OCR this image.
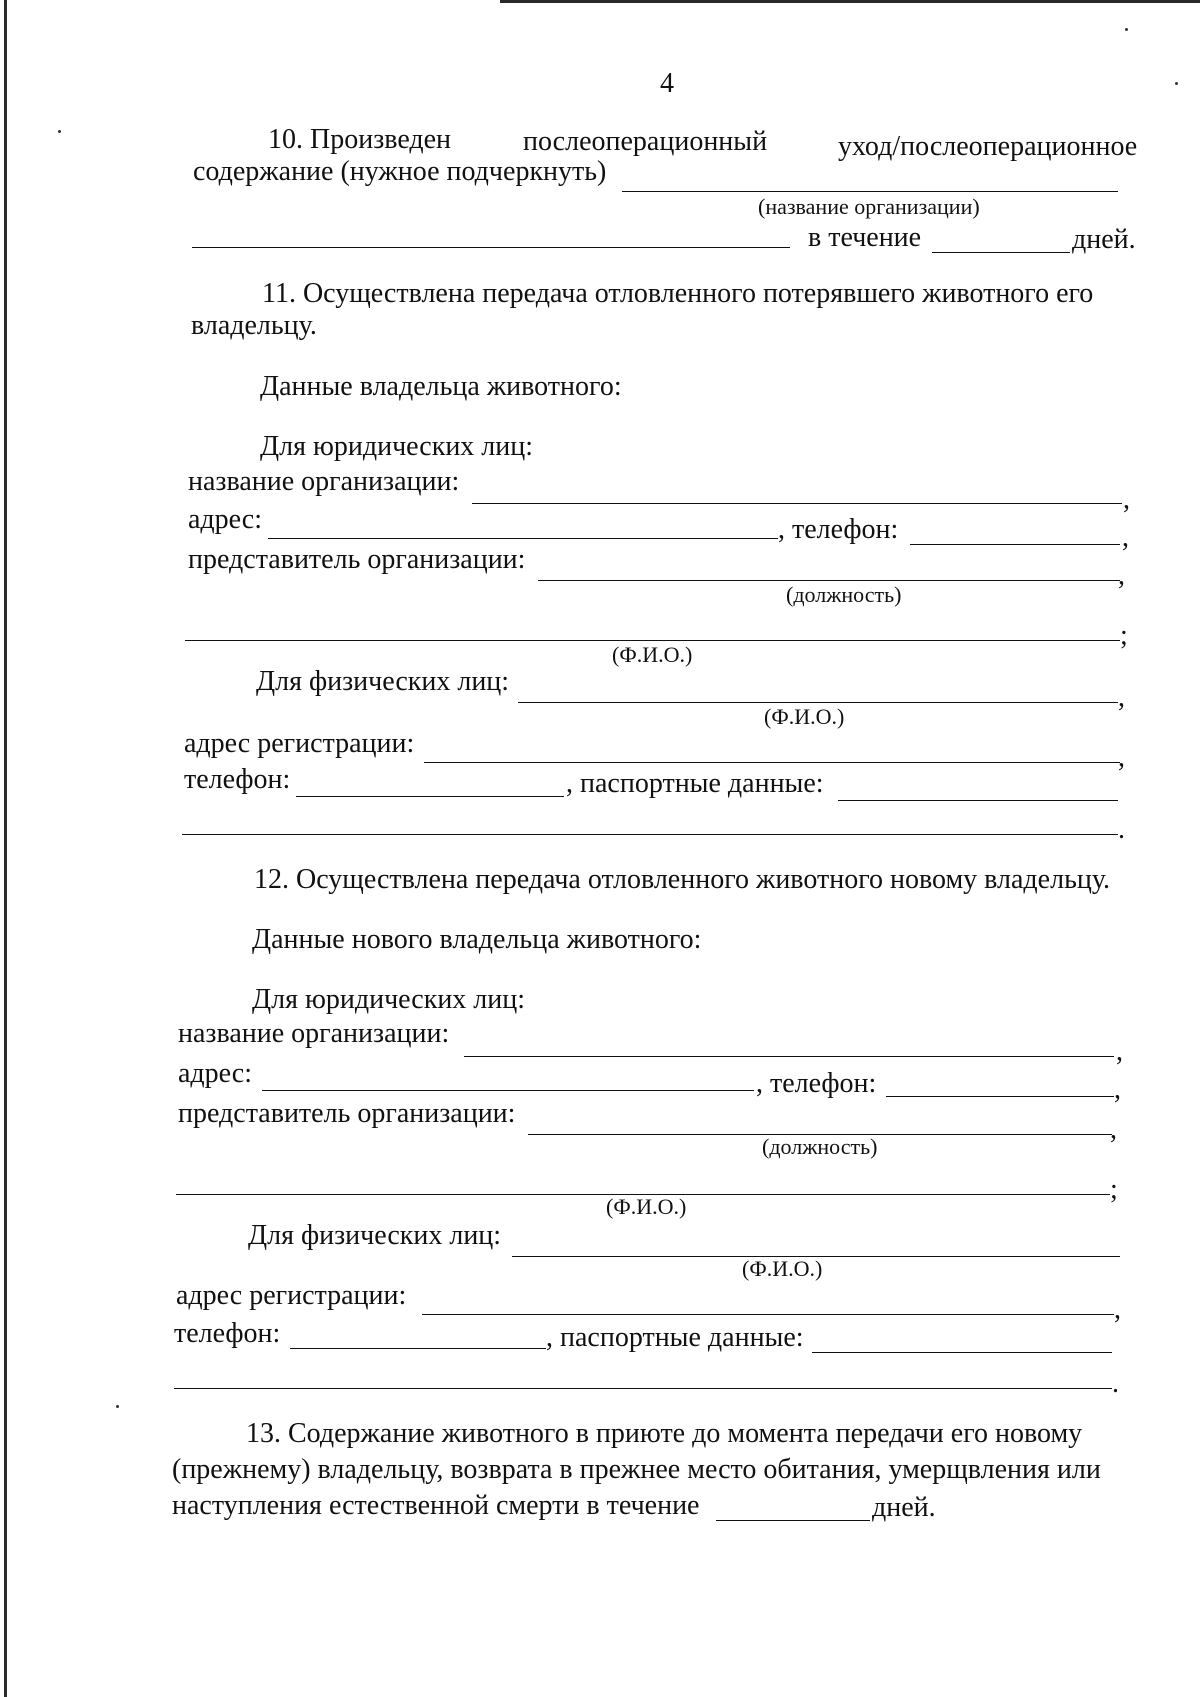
4
10. Произведен	послеоперационный	уход/послеоперационное
содержание (нужное подчеркнуть)
(название организации)
в течение	дней.
11. Осуществлена передача отловленного потерявшего животного его
владельцу.
Данные владельца животного:
Для юридических лиц:
название организации:
,
адрес:	, телефон:	,
представитель организации:
,
(должность)
;
(Ф.И.О.)
Для физических лиц:
,
(Ф.И.О.)
адрес регистрации:	,
телефон:	, паспортные данные:
.
12. Осуществлена передача отловленного животного новому владельцу.
Данные нового владельца животного:
Для юридических лиц:
название организации:
,
адрес:	, телефон:	,
представитель организации:
,
(должность)
;
(Ф.И.О.)
Для физических лиц:
(Ф.И.О.)
адрес регистрации:	,
телефон:	, паспортные данные:
.
13. Содержание животного в приюте до момента передачи его новому
(прежнему) владельцу, возврата в прежнее место обитания, умерщвления или
наступления естественной смерти в течение	дней.
